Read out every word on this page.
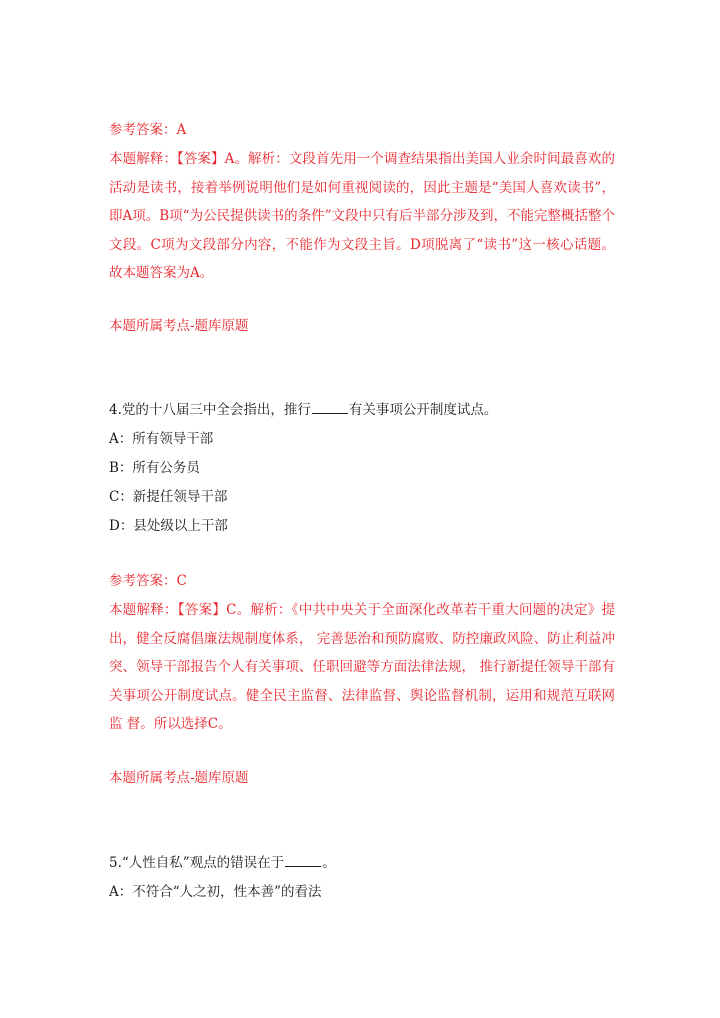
参考答案：A
本题解释：【答案】A。解析：文段首先用一个调查结果指出美国人业余时间最喜欢的活动是读书，接着举例说明他们是如何重视阅读的，因此主题是“美国人喜欢读书”，即A项。B项“为公民提供读书的条件”文段中只有后半部分涉及到，不能完整概括整个文段。C项为文段部分内容，不能作为文段主旨。D项脱离了“读书”这一核心话题。故本题答案为A。
本题所属考点-题库原题
4.党的十八届三中全会指出，推行	有关事项公开制度试点。
A：所有领导干部
B：所有公务员
C：新提任领导干部
D：县处级以上干部
参考答案：C
本题解释：【答案】C。解析：《中共中央关于全面深化改革若干重大问题的决定》提出，健全反腐倡廉法规制度体系， 完善惩治和预防腐败、防控廉政风险、防止利益冲突、领导干部报告个人有关事项、任职回避等方面法律法规， 推行新提任领导干部有关事项公开制度试点。健全民主监督、法律监督、舆论监督机制，运用和规范互联网监 督。所以选择C。
本题所属考点-题库原题
5.“人性自私”观点的错误在于	。
A：不符合“人之初，性本善”的看法
